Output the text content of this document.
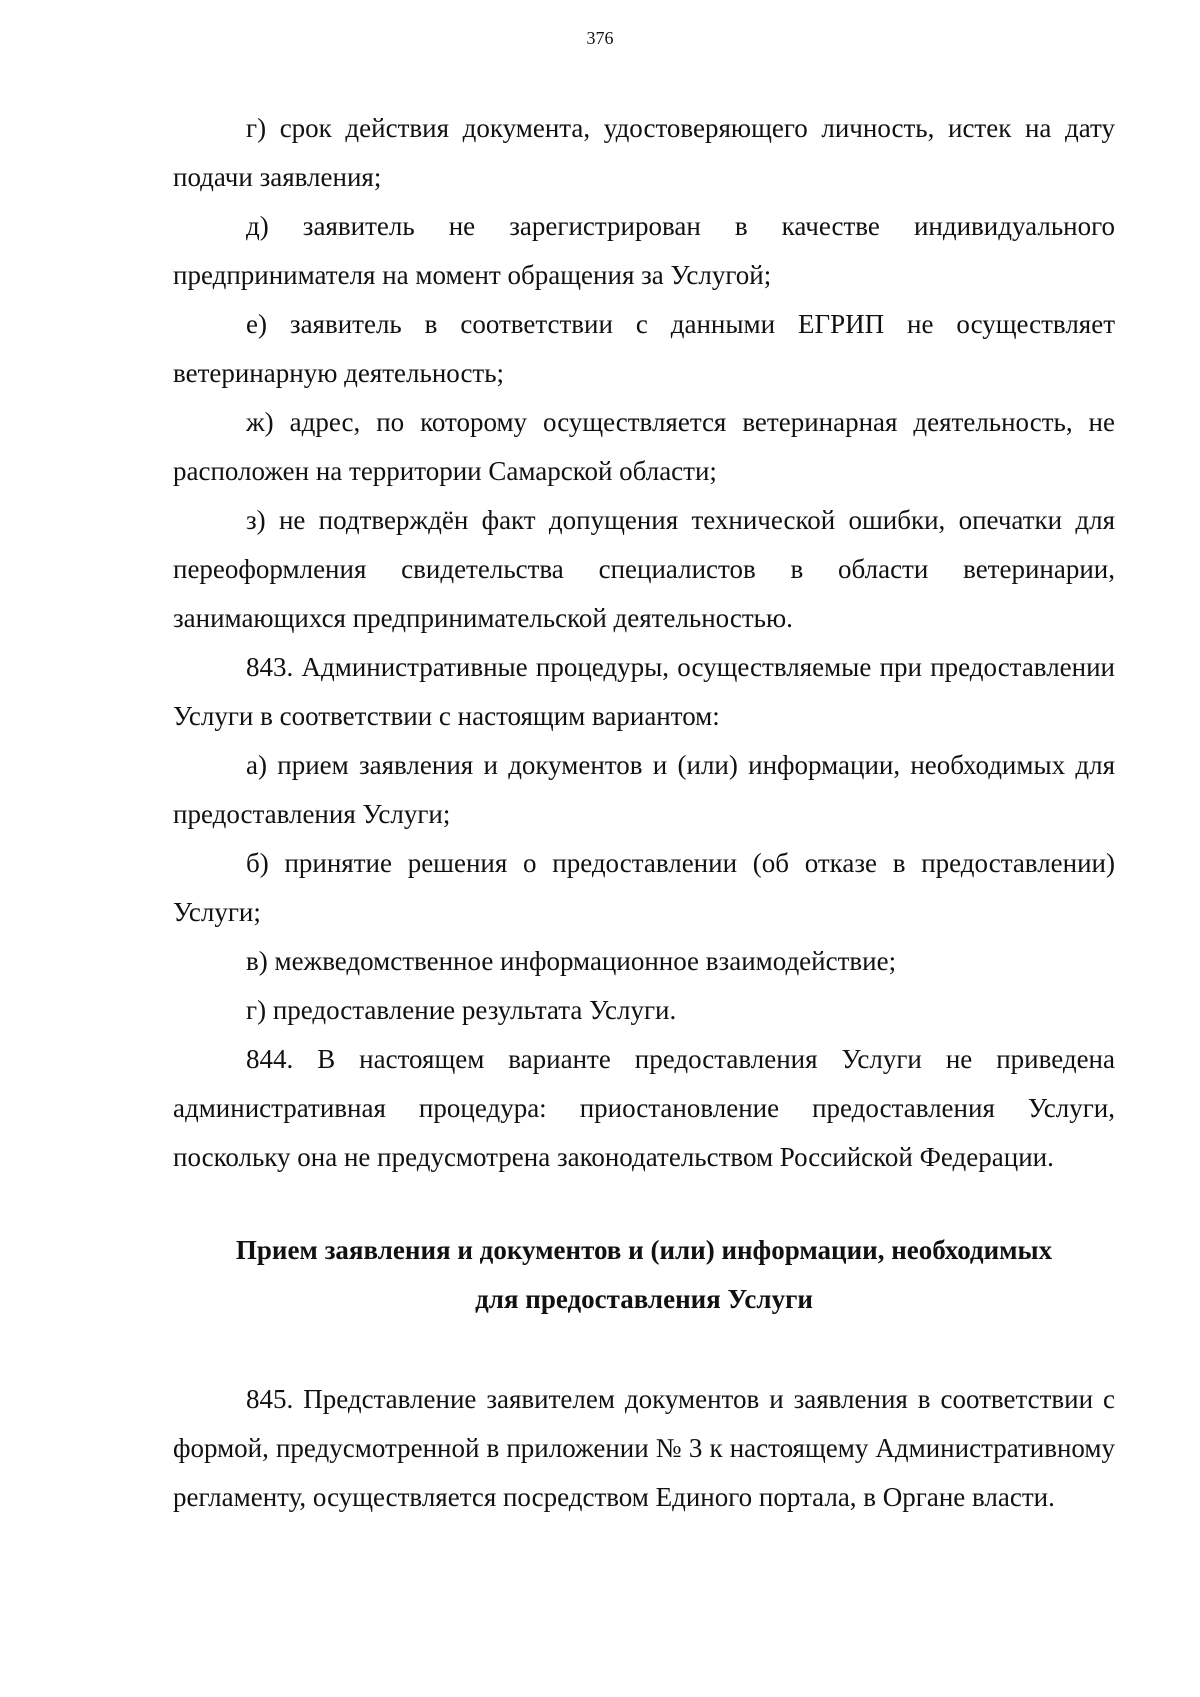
376

г) срок действия документа, удостоверяющего личность, истек на дату подачи заявления;

д) заявитель не зарегистрирован в качестве индивидуального предпринимателя на момент обращения за Услугой;

е) заявитель в соответствии с данными ЕГРИП не осуществляет ветеринарную деятельность;

ж) адрес, по которому осуществляется ветеринарная деятельность, не расположен на территории Самарской области;

з) не подтверждён факт допущения технической ошибки, опечатки для переоформления свидетельства специалистов в области ветеринарии, занимающихся предпринимательской деятельностью.

843. Административные процедуры, осуществляемые при предоставлении Услуги в соответствии с настоящим вариантом:

а) прием заявления и документов и (или) информации, необходимых для предоставления Услуги;

б) принятие решения о предоставлении (об отказе в предоставлении) Услуги;

в) межведомственное информационное взаимодействие;

г) предоставление результата Услуги.

844. В настоящем варианте предоставления Услуги не приведена административная процедура: приостановление предоставления Услуги, поскольку она не предусмотрена законодательством Российской Федерации.

Прием заявления и документов и (или) информации, необходимых
для предоставления Услуги

845. Представление заявителем документов и заявления в соответствии с формой, предусмотренной в приложении № 3 к настоящему Административному регламенту, осуществляется посредством Единого портала, в Органе власти.
